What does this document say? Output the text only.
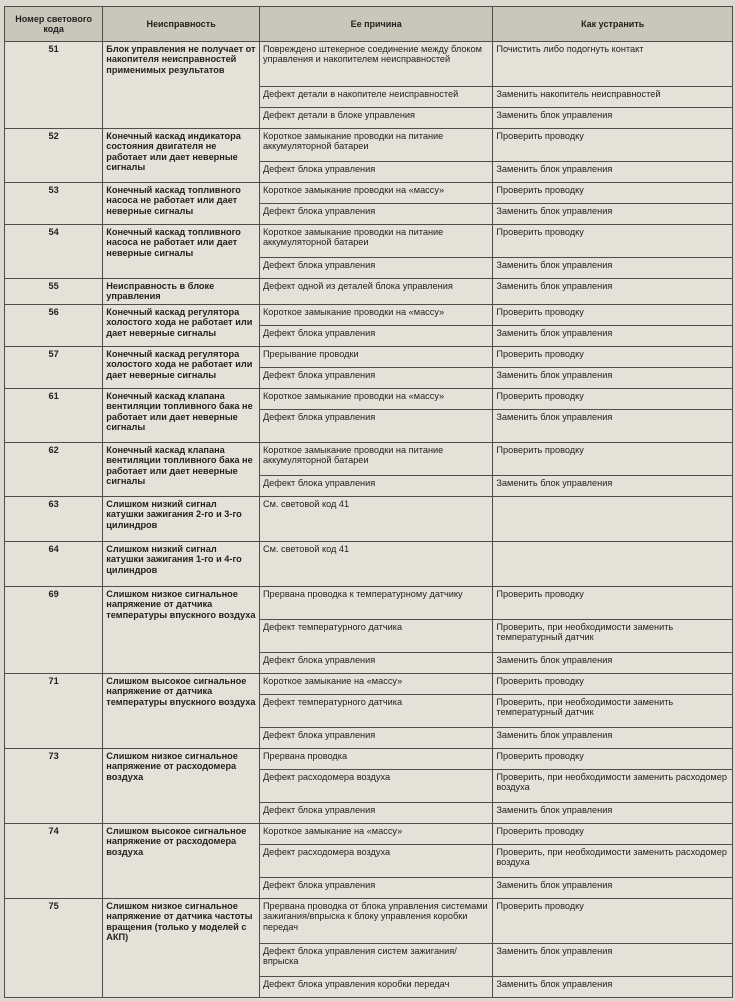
Номер светового кода	Неисправность	Ее причина	Как устранить
51	Блок управления не получает от накопителя неисправностей применимых результатов	Повреждено штекерное соединение между блоком управления и накопителем неисправностей	Почистить либо подогнуть контакт
		Дефект детали в накопителе неисправностей	Заменить накопитель неисправностей
		Дефект детали в блоке управления	Заменить блок управления
52	Конечный каскад индикатора состояния двигателя не работает или дает неверные сигналы	Короткое замыкание проводки на питание аккумуляторной батареи	Проверить проводку
		Дефект блока управления	Заменить блок управления
53	Конечный каскад топливного насоса не работает или дает неверные сигналы	Короткое замыкание проводки на «массу»	Проверить проводку
		Дефект блока управления	Заменить блок управления
54	Конечный каскад топливного насоса не работает или дает неверные сигналы	Короткое замыкание проводки на питание аккумуляторной батареи	Проверить проводку
		Дефект блока управления	Заменить блок управления
55	Неисправность в блоке управления	Дефект одной из деталей блока управления	Заменить блок управления
56	Конечный каскад регулятора холостого хода не работает или дает неверные сигналы	Короткое замыкание проводки на «массу»	Проверить проводку
		Дефект блока управления	Заменить блок управления
57	Конечный каскад регулятора холостого хода не работает или дает неверные сигналы	Прерывание проводки	Проверить проводку
		Дефект блока управления	Заменить блок управления
61	Конечный каскад клапана вентиляции топливного бака не работает или дает неверные сигналы	Короткое замыкание проводки на «массу»	Проверить проводку
		Дефект блока управления	Заменить блок управления
62	Конечный каскад клапана вентиляции топливного бака не работает или дает неверные сигналы	Короткое замыкание проводки на питание аккумуляторной батареи	Проверить проводку
		Дефект блока управления	Заменить блок управления
63	Слишком низкий сигнал катушки зажигания 2-го и 3-го цилиндров	См. световой код 41	
64	Слишком низкий сигнал катушки зажигания 1-го и 4-го цилиндров	См. световой код 41	
69	Слишком низкое сигнальное напряжение от датчика температуры впускного воздуха	Прервана проводка к температурному датчику	Проверить проводку
		Дефект температурного датчика	Проверить, при необходимости заменить температурный датчик
		Дефект блока управления	Заменить блок управления
71	Слишком высокое сигнальное напряжение от датчика температуры впускного воздуха	Короткое замыкание на «массу»	Проверить проводку
		Дефект температурного датчика	Проверить, при необходимости заменить температурный датчик
		Дефект блока управления	Заменить блок управления
73	Слишком низкое сигнальное напряжение от расходомера воздуха	Прервана проводка	Проверить проводку
		Дефект расходомера воздуха	Проверить, при необходимости заменить расходомер воздуха
		Дефект блока управления	Заменить блок управления
74	Слишком высокое сигнальное напряжение от расходомера воздуха	Короткое замыкание на «массу»	Проверить проводку
		Дефект расходомера воздуха	Проверить, при необходимости заменить расходомер воздуха
		Дефект блока управления	Заменить блок управления
75	Слишком низкое сигнальное напряжение от датчика частоты вращения (только у моделей с АКП)	Прервана проводка от блока управления системами зажигания/впрыска к блоку управления коробки передач	Проверить проводку
		Дефект блока управления систем зажигания/впрыска	Заменить блок управления
		Дефект блока управления коробки передач	Заменить блок управления
